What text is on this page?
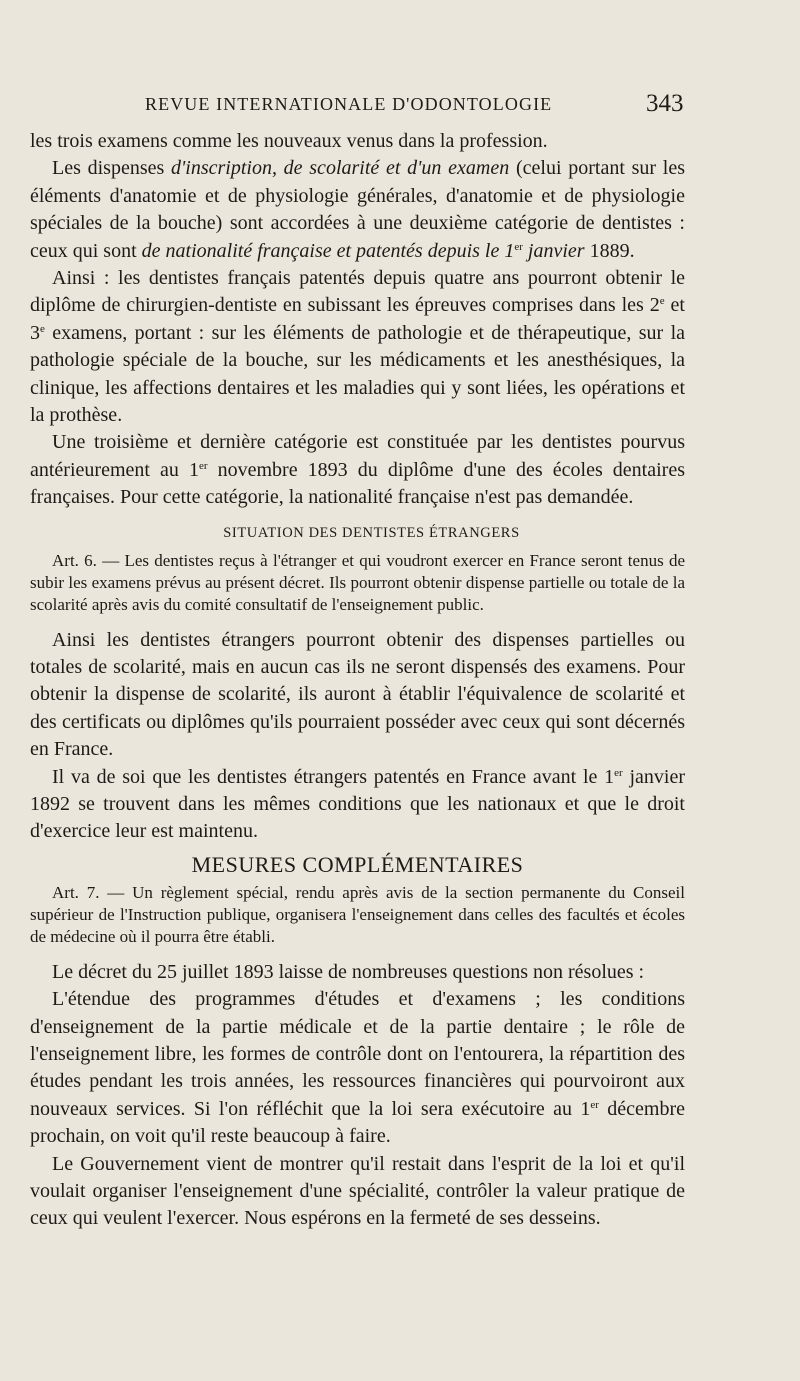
REVUE INTERNATIONALE D'ODONTOLOGIE	343

les trois examens comme les nouveaux venus dans la profession.

Les dispenses d'inscription, de scolarité et d'un examen (celui portant sur les éléments d'anatomie et de physiologie générales, d'anatomie et de physiologie spéciales de la bouche) sont accordées à une deuxième catégorie de dentistes : ceux qui sont de nationalité française et patentés depuis le 1er janvier 1889.

Ainsi : les dentistes français patentés depuis quatre ans pourront obtenir le diplôme de chirurgien-dentiste en subissant les épreuves comprises dans les 2e et 3e examens, portant : sur les éléments de pathologie et de thérapeutique, sur la pathologie spéciale de la bouche, sur les médicaments et les anesthésiques, la clinique, les affections dentaires et les maladies qui y sont liées, les opérations et la prothèse.

Une troisième et dernière catégorie est constituée par les dentistes pourvus antérieurement au 1er novembre 1893 du diplôme d'une des écoles dentaires françaises. Pour cette catégorie, la nationalité française n'est pas demandée.

SITUATION DES DENTISTES ÉTRANGERS

Art. 6. — Les dentistes reçus à l'étranger et qui voudront exercer en France seront tenus de subir les examens prévus au présent décret. Ils pourront obtenir dispense partielle ou totale de la scolarité après avis du comité consultatif de l'enseignement public.

Ainsi les dentistes étrangers pourront obtenir des dispenses partielles ou totales de scolarité, mais en aucun cas ils ne seront dispensés des examens. Pour obtenir la dispense de scolarité, ils auront à établir l'équivalence de scolarité et des certificats ou diplômes qu'ils pourraient posséder avec ceux qui sont décernés en France.

Il va de soi que les dentistes étrangers patentés en France avant le 1er janvier 1892 se trouvent dans les mêmes conditions que les nationaux et que le droit d'exercice leur est maintenu.

MESURES COMPLÉMENTAIRES

Art. 7. — Un règlement spécial, rendu après avis de la section permanente du Conseil supérieur de l'Instruction publique, organisera l'enseignement dans celles des facultés et écoles de médecine où il pourra être établi.

Le décret du 25 juillet 1893 laisse de nombreuses questions non résolues :

L'étendue des programmes d'études et d'examens ; les conditions d'enseignement de la partie médicale et de la partie dentaire ; le rôle de l'enseignement libre, les formes de contrôle dont on l'entourera, la répartition des études pendant les trois années, les ressources financières qui pourvoiront aux nouveaux services. Si l'on réfléchit que la loi sera exécutoire au 1er décembre prochain, on voit qu'il reste beaucoup à faire.

Le Gouvernement vient de montrer qu'il restait dans l'esprit de la loi et qu'il voulait organiser l'enseignement d'une spécialité, contrôler la valeur pratique de ceux qui veulent l'exercer. Nous espérons en la fermeté de ses desseins.
